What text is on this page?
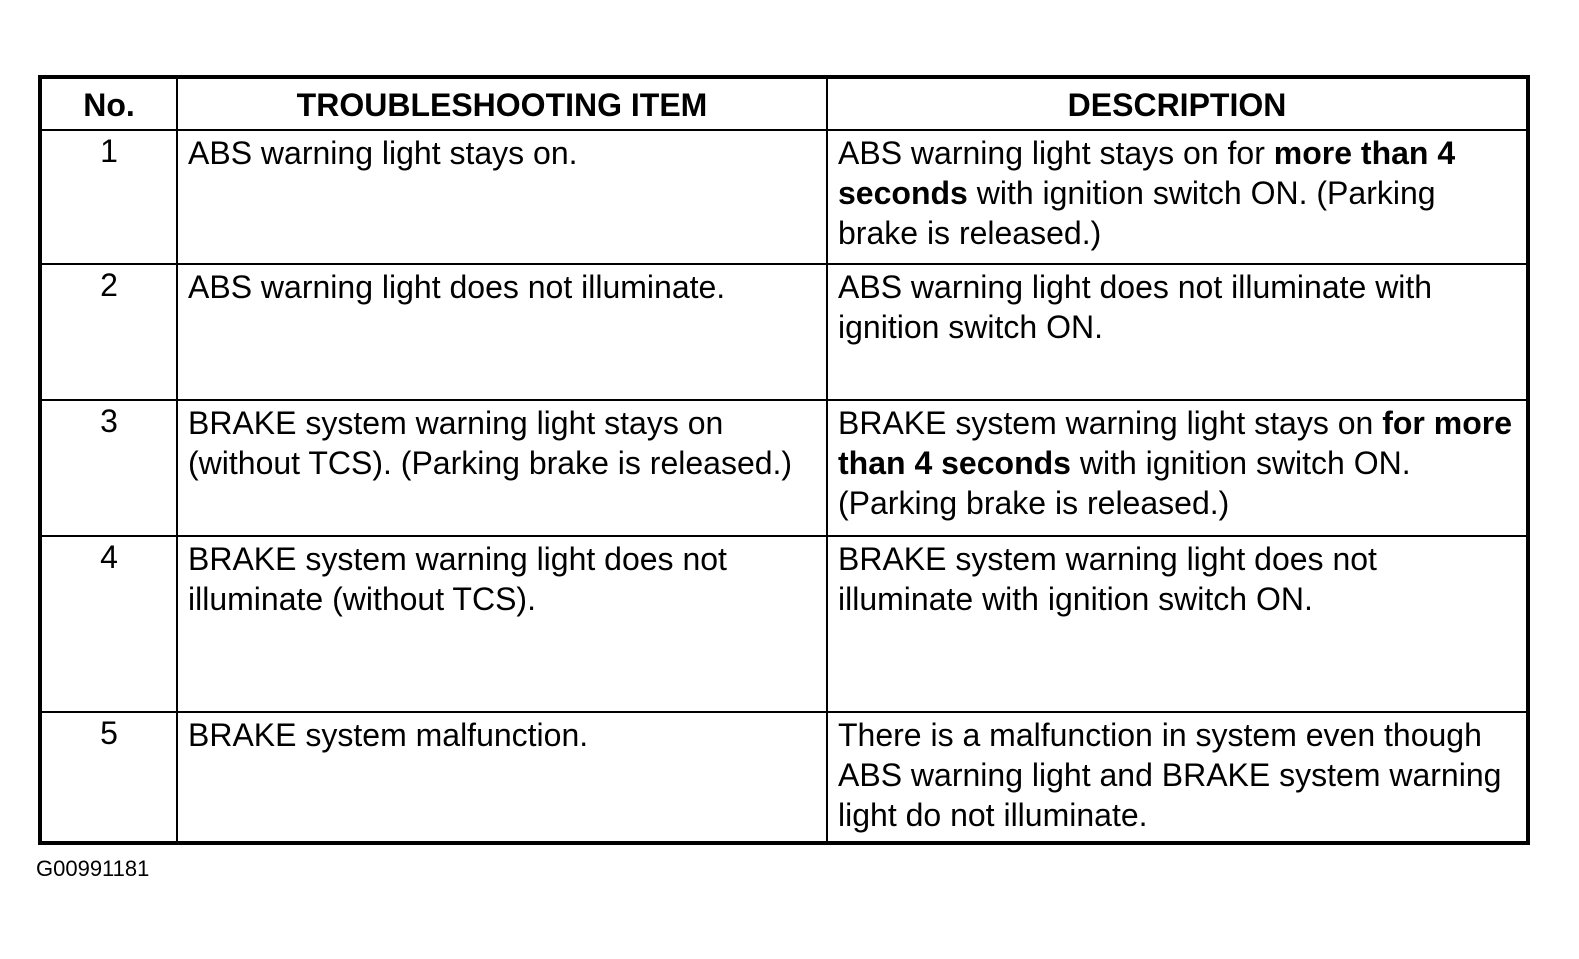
No.	TROUBLESHOOTING ITEM	DESCRIPTION
1	ABS warning light stays on.	ABS warning light stays on for more than 4 seconds with ignition switch ON. (Parking brake is released.)
2	ABS warning light does not illuminate.	ABS warning light does not illuminate with ignition switch ON.
3	BRAKE system warning light stays on (without TCS). (Parking brake is released.)	BRAKE system warning light stays on for more than 4 seconds with ignition switch ON. (Parking brake is released.)
4	BRAKE system warning light does not illuminate (without TCS).	BRAKE system warning light does not illuminate with ignition switch ON.
5	BRAKE system malfunction.	There is a malfunction in system even though ABS warning light and BRAKE system warning light do not illuminate.
G00991181
